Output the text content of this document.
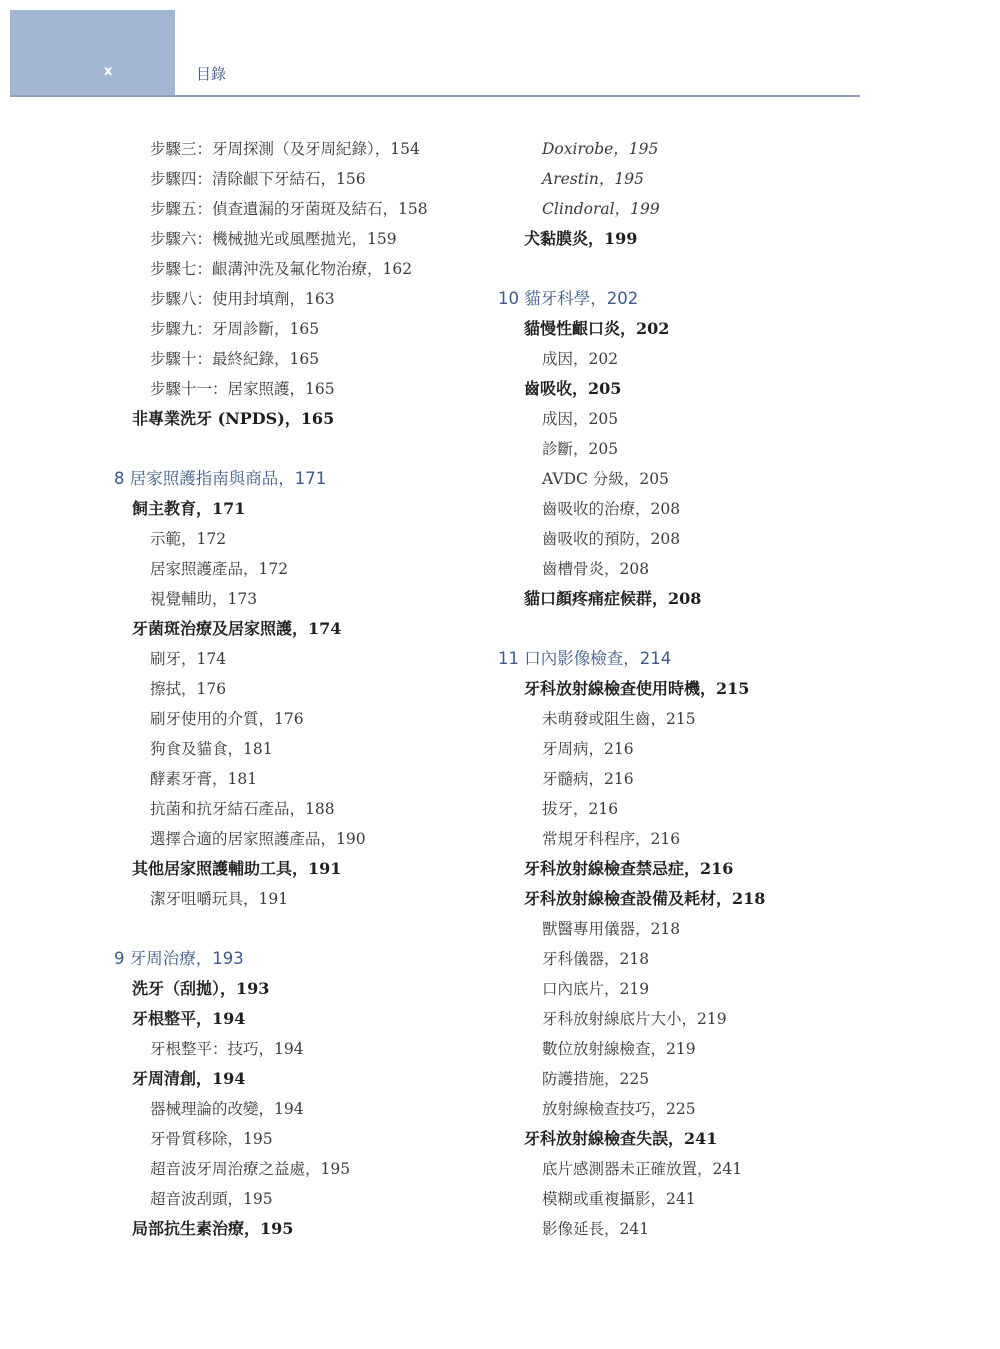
x	目錄
步驟三：牙周探測（及牙周紀錄），154
步驟四：清除齦下牙結石，156
步驟五：偵查遺漏的牙菌斑及結石，158
步驟六：機械拋光或風壓拋光，159
步驟七：齦溝沖洗及氟化物治療，162
步驟八：使用封填劑，163
步驟九：牙周診斷，165
步驟十：最終紀錄，165
步驟十一：居家照護，165
非專業洗牙 (NPDS)，165
8 居家照護指南與商品，171
飼主教育，171
示範，172
居家照護產品，172
視覺輔助，173
牙菌斑治療及居家照護，174
刷牙，174
擦拭，176
刷牙使用的介質，176
狗食及貓食，181
酵素牙膏，181
抗菌和抗牙結石產品，188
選擇合適的居家照護產品，190
其他居家照護輔助工具，191
潔牙咀嚼玩具，191
9 牙周治療，193
洗牙（刮拋），193
牙根整平，194
牙根整平：技巧，194
牙周清創，194
器械理論的改變，194
牙骨質移除，195
超音波牙周治療之益處，195
超音波刮頭，195
局部抗生素治療，195
Doxirobe，195
Arestin，195
Clindoral，199
犬黏膜炎，199
10 貓牙科學，202
貓慢性齦口炎，202
成因，202
齒吸收，205
成因，205
診斷，205
AVDC 分級，205
齒吸收的治療，208
齒吸收的預防，208
齒槽骨炎，208
貓口顏疼痛症候群，208
11 口內影像檢查，214
牙科放射線檢查使用時機，215
未萌發或阻生齒，215
牙周病，216
牙髓病，216
拔牙，216
常規牙科程序，216
牙科放射線檢查禁忌症，216
牙科放射線檢查設備及耗材，218
獸醫專用儀器，218
牙科儀器，218
口內底片，219
牙科放射線底片大小，219
數位放射線檢查，219
防護措施，225
放射線檢查技巧，225
牙科放射線檢查失誤，241
底片感測器未正確放置，241
模糊或重複攝影，241
影像延長，241
